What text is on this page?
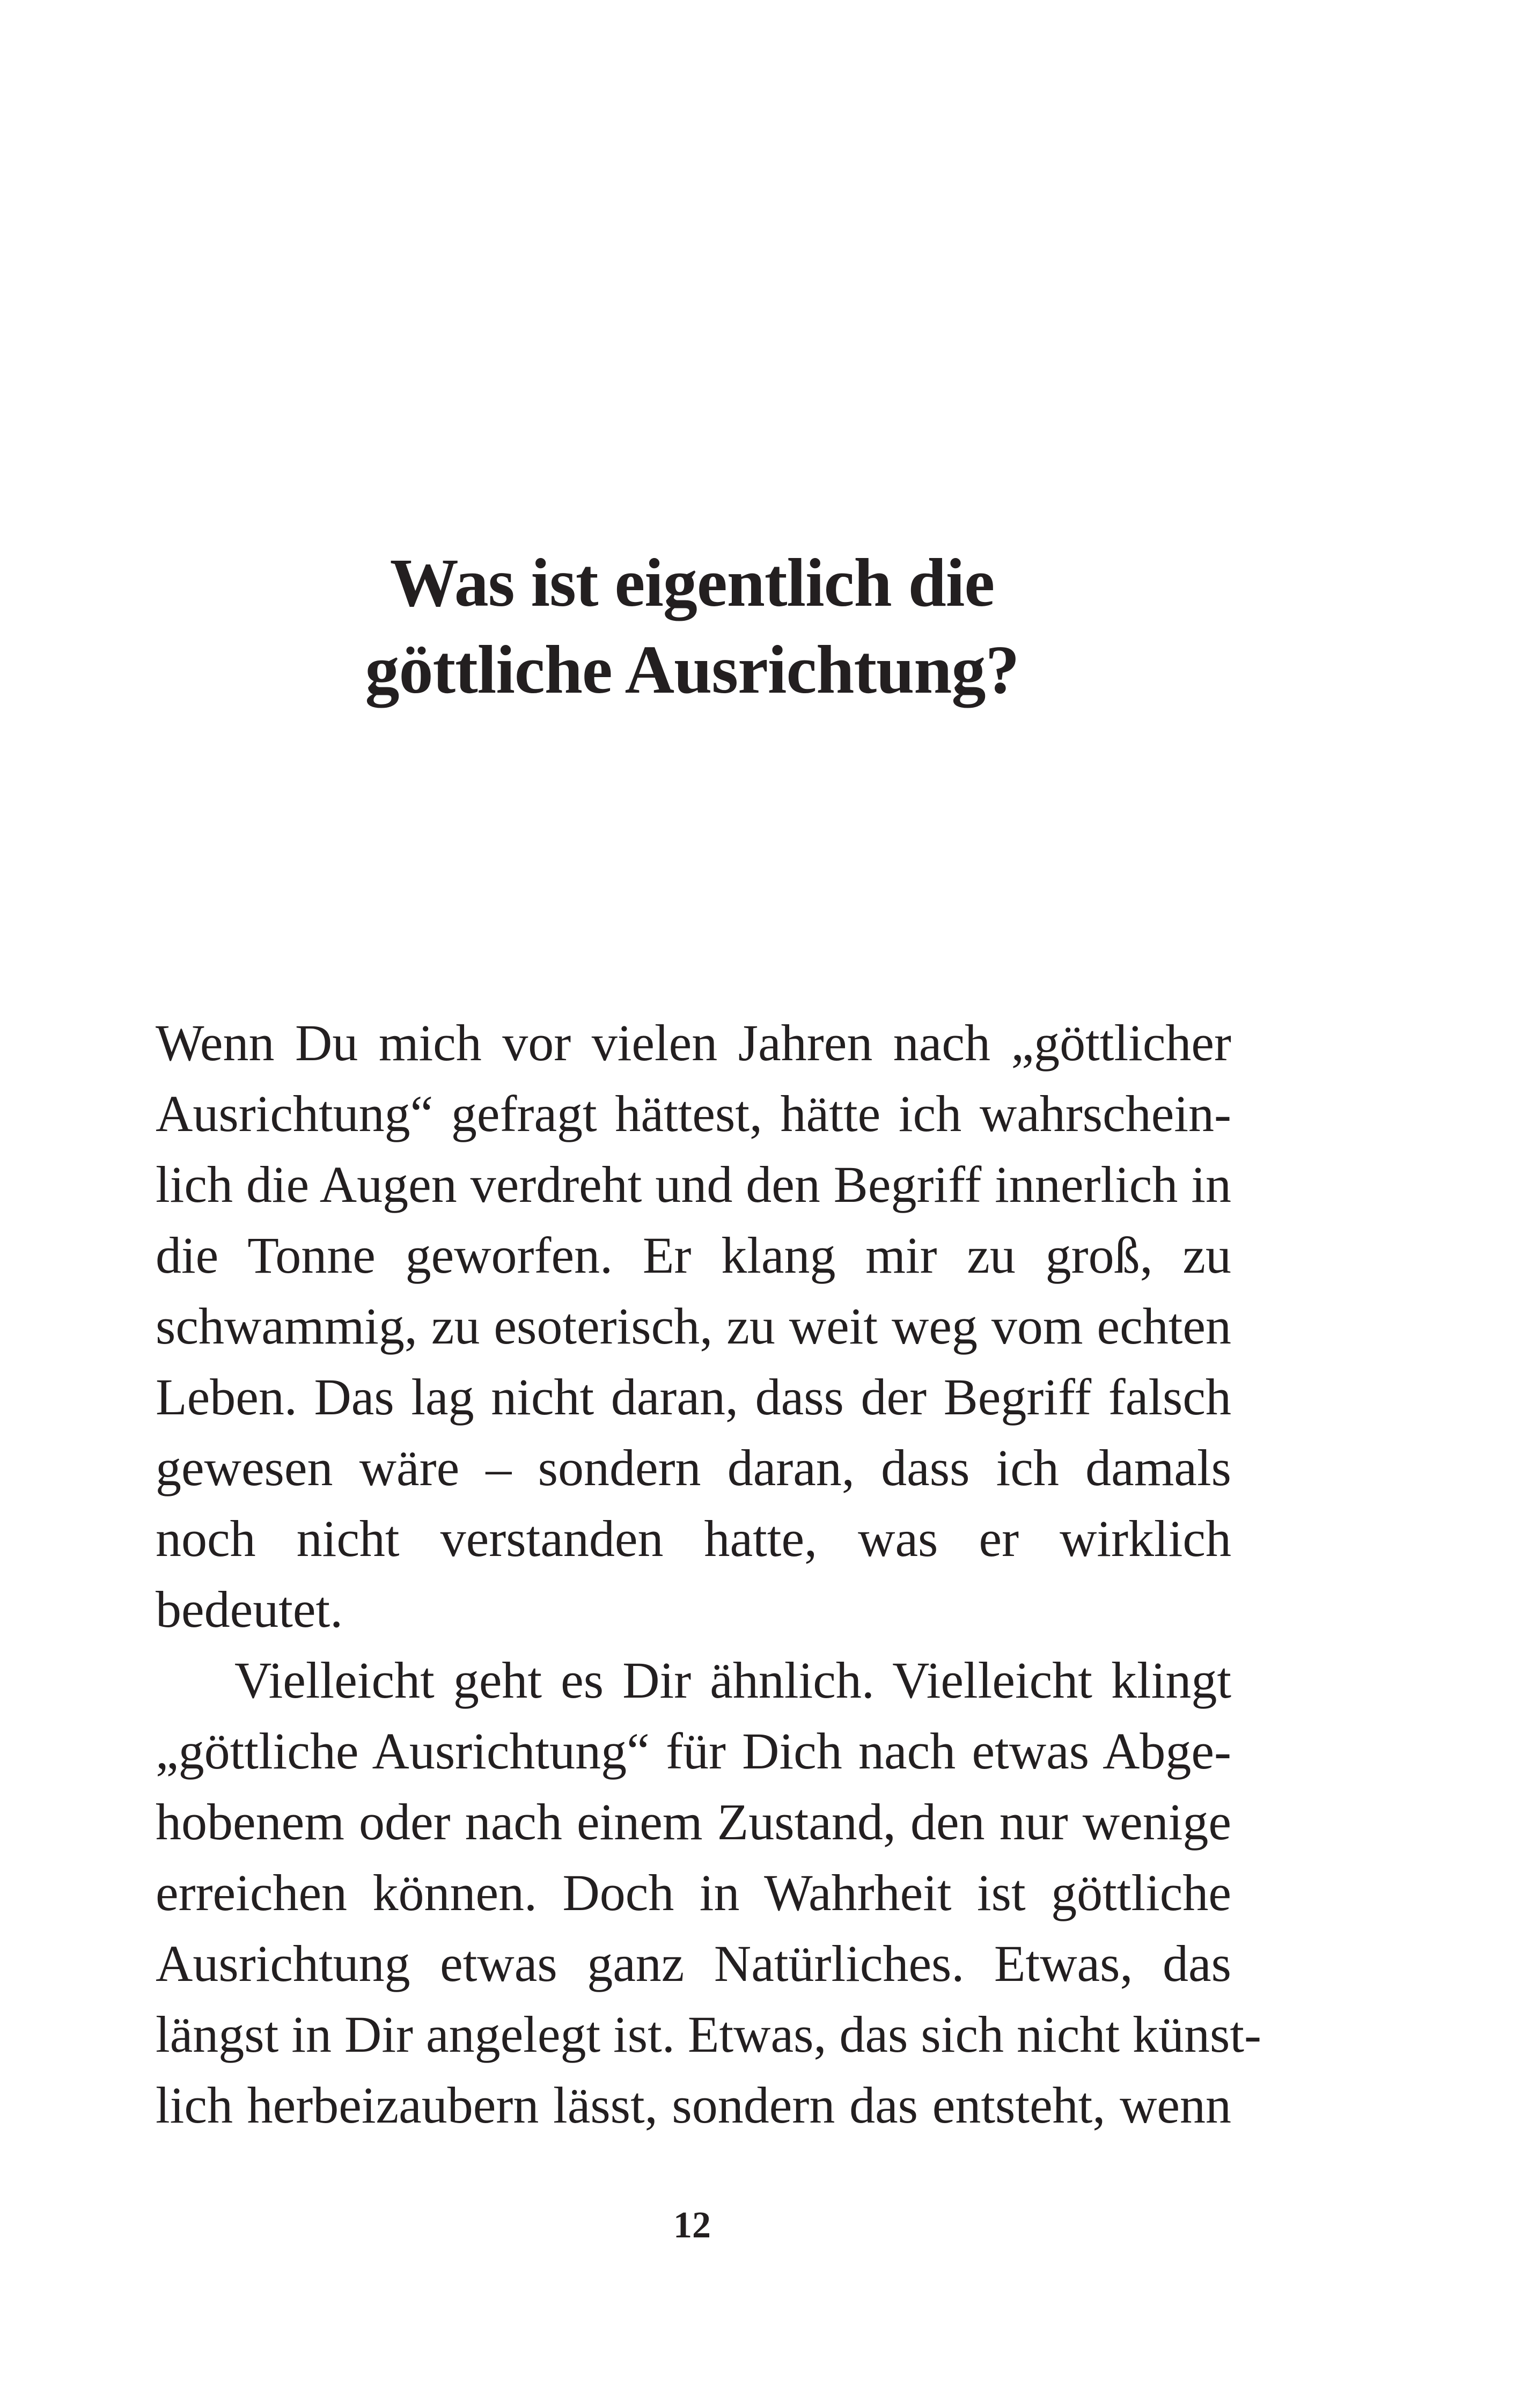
Was ist eigentlich die
göttliche Ausrichtung?
Wenn Du mich vor vielen Jahren nach „göttlicher
Ausrichtung“ gefragt hättest, hätte ich wahrschein-
lich die Augen verdreht und den Begriff innerlich in
die Tonne geworfen. Er klang mir zu groß, zu
schwammig, zu esoterisch, zu weit weg vom echten
Leben. Das lag nicht daran, dass der Begriff falsch
gewesen wäre – sondern daran, dass ich damals
noch nicht verstanden hatte, was er wirklich
bedeutet.
Vielleicht geht es Dir ähnlich. Vielleicht klingt
„göttliche Ausrichtung“ für Dich nach etwas Abge-
hobenem oder nach einem Zustand, den nur wenige
erreichen können. Doch in Wahrheit ist göttliche
Ausrichtung etwas ganz Natürliches. Etwas, das
längst in Dir angelegt ist. Etwas, das sich nicht künst-
lich herbeizaubern lässt, sondern das entsteht, wenn
12
